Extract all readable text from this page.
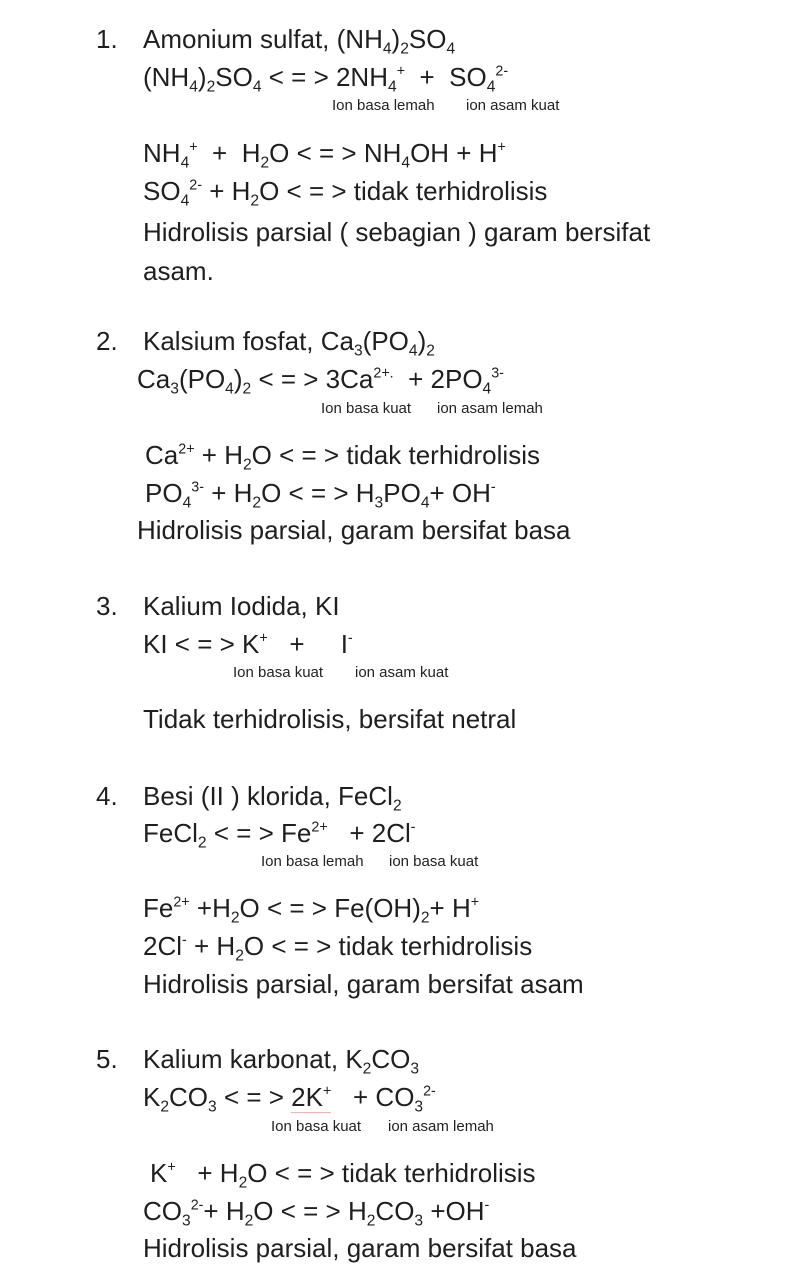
1. Amonium sulfat, $(NH_4)_2SO_4$
$(NH_4)_2SO_4$ < = > $2NH_4^+ + SO_4^{2-}$
Ion basa lemah ion asam kuat
$NH_4^+ + H_2O$ < = > $NH_4OH + H^+$
$SO_4^{2-} + H_2O$ < = > tidak terhidrolisis
Hidrolisis parsial ( sebagian ) garam bersifat asam.
2. Kalsium fosfat, $Ca_3(PO_4)_2$
$Ca_3(PO_4)_2$ < = > $3Ca^{2+.} + 2PO_4^{3-}$
Ion basa kuat ion asam lemah
$Ca^{2+} + H_2O$ < = > tidak terhidrolisis
$PO_4^{3-} + H_2O$ < = > $H_3PO_4+ OH^-$
Hidrolisis parsial, garam bersifat basa
3. Kalium Iodida, KI
KI < = > K+   +     I-
Ion basa kuat ion asam kuat
Tidak terhidrolisis, bersifat netral
4. Besi (II ) klorida, FeCl$_2$
FeCl$_2$ < = > $Fe^{2+} + 2Cl^-$
Ion basa lemah ion basa kuat
$Fe^{2+} +H_2O$ < = > $Fe(OH)_2+ H^+$
$2Cl^- + H_2O$ < = > tidak terhidrolisis
Hidrolisis parsial, garam bersifat asam
5. Kalium karbonat, $K_2CO_3$
$K_2CO_3$ < = > $2K^+ + CO_3^{2-}$
Ion basa kuat ion asam lemah
$K^+ + H_2O$ < = > tidak terhidrolisis
$CO_3^{2-}+ H_2O$ < = > $H_2CO_3 +OH^-$
Hidrolisis parsial, garam bersifat basa
